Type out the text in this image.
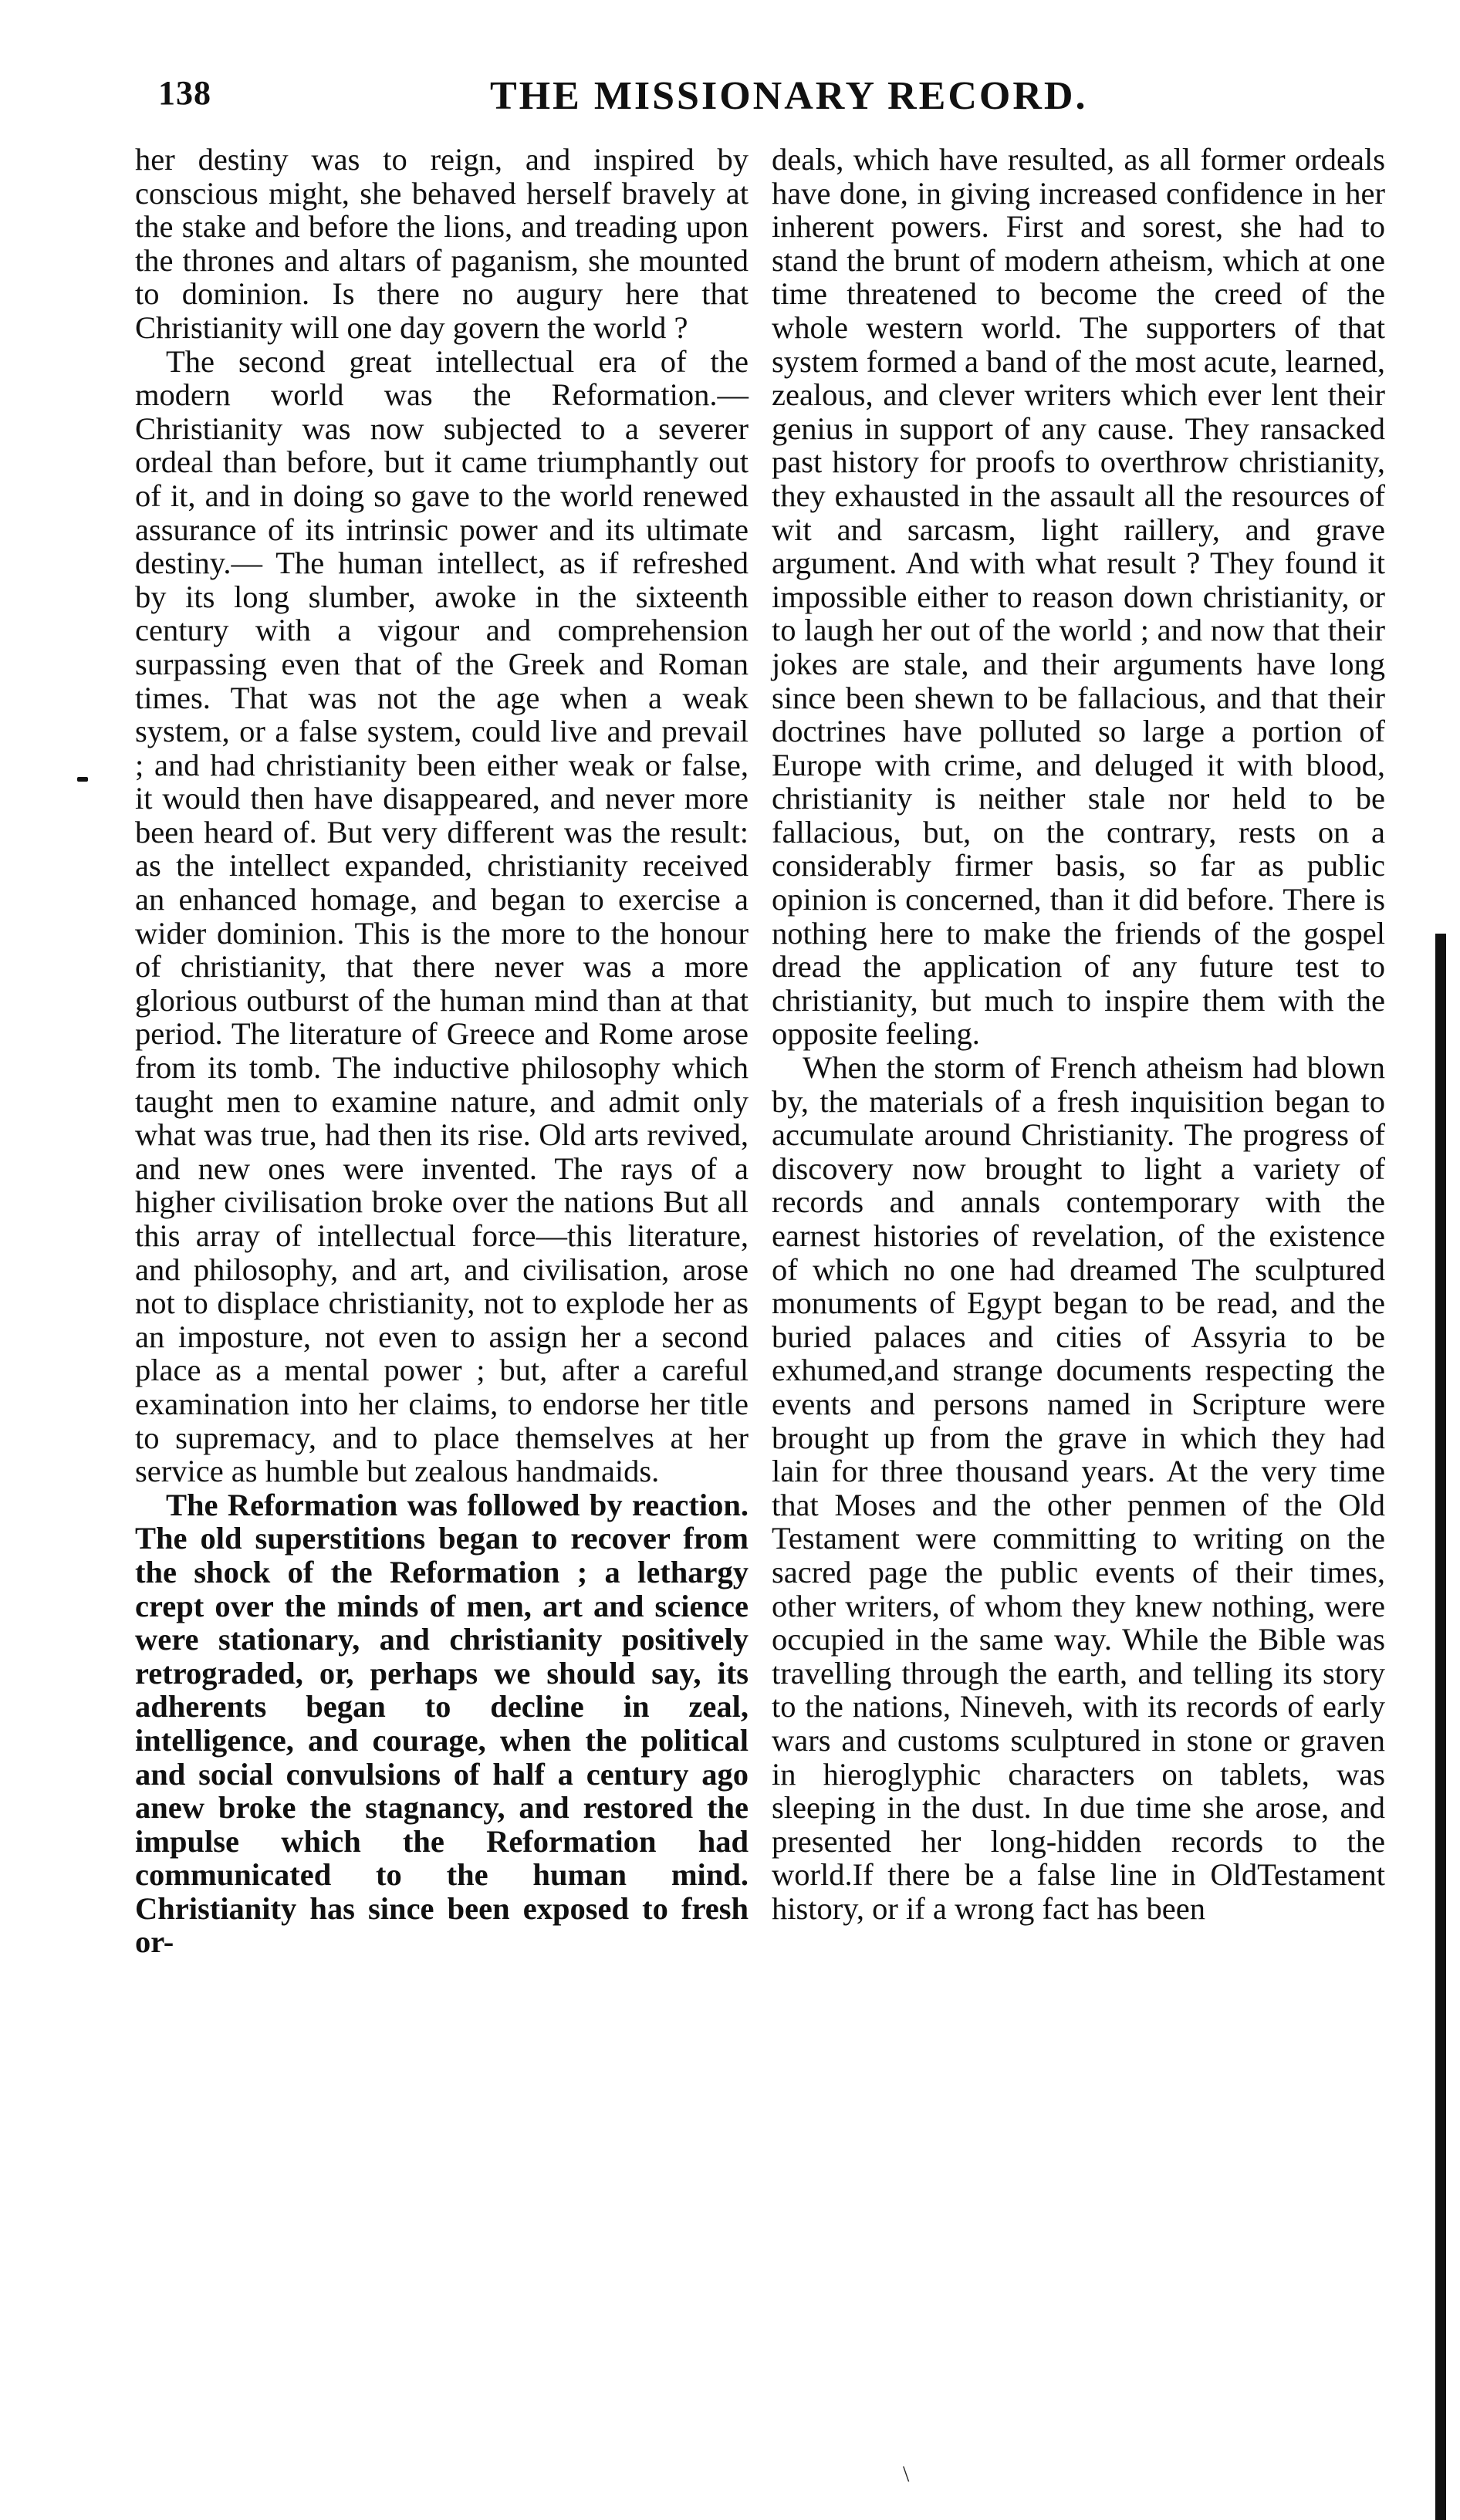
138	THE MISSIONARY RECORD.

her destiny was to reign, and inspired by conscious might, she behaved herself bravely at the stake and before the lions, and treading upon the thrones and altars of paganism, she mounted to dominion. Is there no augury here that Christianity will one day govern the world ?

The second great intellectual era of the modern world was the Reformation.— Christianity was now subjected to a severer ordeal than before, but it came triumphantly out of it, and in doing so gave to the world renewed assurance of its intrinsic power and its ultimate destiny.— The human intellect, as if refreshed by its long slumber, awoke in the sixteenth century with a vigour and comprehension surpassing even that of the Greek and Roman times. That was not the age when a weak system, or a false system, could live and prevail ; and had christianity been either weak or false, it would then have disappeared, and never more been heard of. But very different was the result: as the intellect expanded, christianity received an enhanced homage, and began to exercise a wider dominion. This is the more to the honour of christianity, that there never was a more glorious outburst of the human mind than at that period. The literature of Greece and Rome arose from its tomb. The inductive philosophy which taught men to examine nature, and admit only what was true, had then its rise. Old arts revived, and new ones were invented. The rays of a higher civilisation broke over the nations But all this array of intellectual force—this literature, and philosophy, and art, and civilisation, arose not to displace christianity, not to explode her as an imposture, not even to assign her a second place as a mental power ; but, after a careful examination into her claims, to endorse her title to supremacy, and to place themselves at her service as humble but zealous handmaids.

The Reformation was followed by reaction. The old superstitions began to recover from the shock of the Reformation ; a lethargy crept over the minds of men, art and science were stationary, and christianity positively retrograded, or, perhaps we should say, its adherents began to decline in zeal, intelligence, and courage, when the political and social convulsions of half a century ago anew broke the stagnancy, and restored the impulse which the Reformation had communicated to the human mind. Christianity has since been exposed to fresh or-

deals, which have resulted, as all former ordeals have done, in giving increased confidence in her inherent powers. First and sorest, she had to stand the brunt of modern atheism, which at one time threatened to become the creed of the whole western world. The supporters of that system formed a band of the most acute, learned, zealous, and clever writers which ever lent their genius in support of any cause. They ransacked past history for proofs to overthrow christianity, they exhausted in the assault all the resources of wit and sarcasm, light raillery, and grave argument. And with what result ? They found it impossible either to reason down christianity, or to laugh her out of the world ; and now that their jokes are stale, and their arguments have long since been shewn to be fallacious, and that their doctrines have polluted so large a portion of Europe with crime, and deluged it with blood, christianity is neither stale nor held to be fallacious, but, on the contrary, rests on a considerably firmer basis, so far as public opinion is concerned, than it did before. There is nothing here to make the friends of the gospel dread the application of any future test to christianity, but much to inspire them with the opposite feeling.

When the storm of French atheism had blown by, the materials of a fresh inquisition began to accumulate around Christianity. The progress of discovery now brought to light a variety of records and annals contemporary with the earnest histories of revelation, of the existence of which no one had dreamed The sculptured monuments of Egypt began to be read, and the buried palaces and cities of Assyria to be exhumed,and strange documents respecting the events and persons named in Scripture were brought up from the grave in which they had lain for three thousand years. At the very time that Moses and the other penmen of the Old Testament were committing to writing on the sacred page the public events of their times, other writers, of whom they knew nothing, were occupied in the same way. While the Bible was travelling through the earth, and telling its story to the nations, Nineveh, with its records of early wars and customs sculptured in stone or graven in hieroglyphic characters on tablets, was sleeping in the dust. In due time she arose, and presented her long-hidden records to the world.If there be a false line in OldTestament history, or if a wrong fact has been

\
